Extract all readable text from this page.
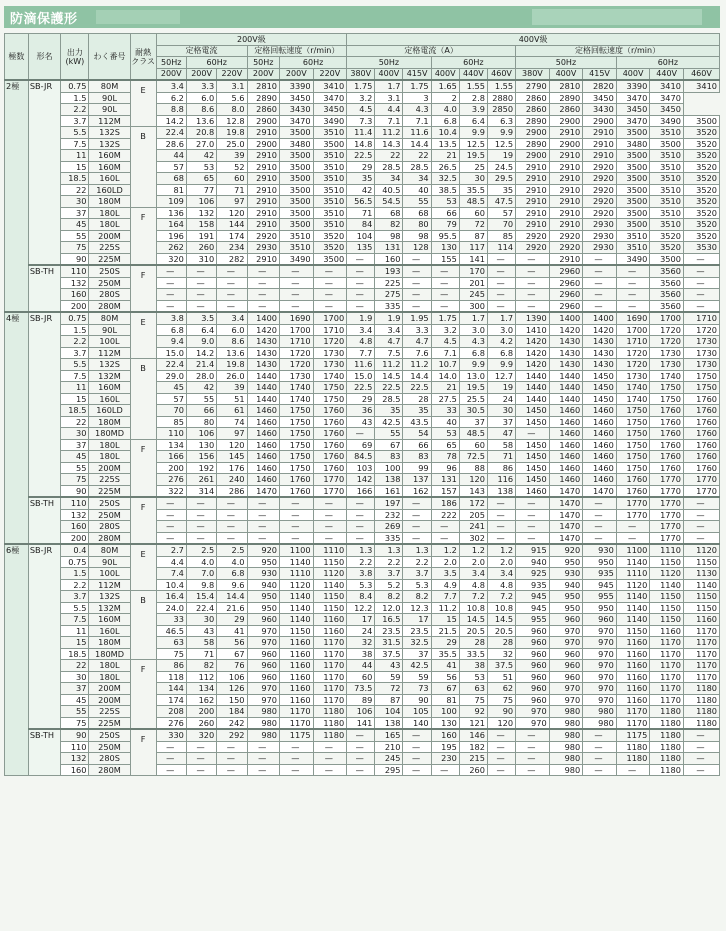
防滴保護形
極数	形名	出力 (kW)	わく番号	耐熱 クラス	200V級						400V級											
					定格電流			定格回転速度（r/min）			定格電流（A）						定格回転速度（r/min）					
					50Hz	60Hz		50Hz	60Hz		50Hz			60Hz			50Hz			60Hz		
					200V	200V	220V	200V	200V	220V	380V	400V	415V	400V	440V	460V	380V	400V	415V	400V	440V	460V
2極	SB-JR	0.75	80M	E	3.4	3.3	3.1	2810	3390	3410	1.75	1.7	1.75	1.65	1.55	1.55	2790	2810	2820	3390	3410	3410
		1.5	90L		6.2	6.0	5.6	2890	3450	3470	3.2	3.1	3	2	2.8	2880	2860	2890	3450	3470	3470	
		2.2	90L		8.8	8.6	8.0	2860	3430	3450	4.5	4.4	4.3	4.0	3.9	2850	2860	2860	3430	3450	3450	
		3.7	112M		14.2	13.6	12.8	2900	3470	3490	7.3	7.1	7.1	6.8	6.4	6.3	2890	2900	2900	3470	3490	3500
		5.5	132S	B	22.4	20.8	19.8	2910	3500	3510	11.4	11.2	11.6	10.4	9.9	9.9	2900	2910	2910	3500	3510	3520
		7.5	132S		28.6	27.0	25.0	2900	3480	3500	14.8	14.3	14.4	13.5	12.5	12.5	2890	2900	2910	3480	3500	3520
		11	160M		44	42	39	2910	3500	3510	22.5	22	22	21	19.5	19	2900	2910	2910	3500	3510	3520
		15	160M		57	53	52	2910	3500	3510	29	28.5	28.5	26.5	25	24.5	2910	2910	2920	3500	3510	3520
		18.5	160L		68	65	60	2910	3500	3510	35	34	34	32.5	30	29.5	2910	2910	2920	3500	3510	3520
		22	160LD		81	77	71	2910	3500	3510	42	40.5	40	38.5	35.5	35	2910	2910	2920	3500	3510	3520
		30	180M		109	106	97	2910	3500	3510	56.5	54.5	55	53	48.5	47.5	2910	2910	2920	3500	3510	3520
		37	180L	F	136	132	120	2910	3500	3510	71	68	68	66	60	57	2910	2910	2920	3500	3510	3520
		45	180L		164	158	144	2910	3500	3510	84	82	80	79	72	70	2910	2910	2930	3500	3510	3520
		55	200M		196	191	174	2920	3510	3520	104	98	98	95.5	87	85	2920	2920	2930	3510	3520	3520
		75	225S		262	260	234	2930	3510	3520	135	131	128	130	117	114	2920	2920	2930	3510	3520	3530
		90	225M		320	310	282	2910	3490	3500	—	160	—	155	141	—	—	2910	—	3490	3500	—
	SB-TH	110	250S	F	—	—	—	—	—	—	—	193	—	—	170	—	—	2960	—	—	3560	—
		132	250M		—	—	—	—	—	—	—	225	—	—	201	—	—	2960	—	—	3560	—
		160	280S		—	—	—	—	—	—	—	275	—	—	245	—	—	2960	—	—	3560	—
		200	280M		—	—	—	—	—	—	—	335	—	—	300	—	—	2960	—	—	3560	—
4極	SB-JR	0.75	80M	E	3.8	3.5	3.4	1400	1690	1700	1.9	1.9	1.95	1.75	1.7	1.7	1390	1400	1400	1690	1700	1710
		1.5	90L		6.8	6.4	6.0	1420	1700	1710	3.4	3.4	3.3	3.2	3.0	3.0	1410	1420	1420	1700	1720	1720
		2.2	100L		9.4	9.0	8.6	1430	1710	1720	4.8	4.7	4.7	4.5	4.3	4.2	1420	1430	1430	1710	1720	1730
		3.7	112M		15.0	14.2	13.6	1430	1720	1730	7.7	7.5	7.6	7.1	6.8	6.8	1420	1430	1430	1720	1730	1730
		5.5	132S	B	22.4	21.4	19.8	1430	1720	1730	11.6	11.2	11.2	10.7	9.9	9.9	1420	1430	1430	1720	1730	1730
		7.5	132M		29.0	28.0	26.0	1440	1730	1740	15.0	14.5	14.4	14.0	13.0	12.7	1440	1440	1450	1730	1740	1750
		11	160M		45	42	39	1440	1740	1750	22.5	22.5	22.5	21	19.5	19	1440	1440	1450	1740	1750	1750
		15	160L		57	55	51	1440	1740	1750	29	28.5	28	27.5	25.5	24	1440	1440	1450	1740	1750	1760
		18.5	160LD		70	66	61	1460	1750	1760	36	35	35	33	30.5	30	1450	1460	1460	1750	1760	1760
		22	180M		85	80	74	1460	1750	1760	43	42.5	43.5	40	37	37	1450	1460	1460	1750	1760	1760
		30	180MD		110	106	97	1460	1750	1760	—	55	54	53	48.5	47	—	1460	1460	1750	1760	1760
		37	180L	F	134	130	120	1460	1750	1760	69	67	66	65	60	58	1450	1460	1460	1750	1760	1760
		45	180L		166	156	145	1460	1750	1760	84.5	83	83	78	72.5	71	1450	1460	1460	1750	1760	1760
		55	200M		200	192	176	1460	1750	1760	103	100	99	96	88	86	1450	1460	1460	1750	1760	1760
		75	225S		276	261	240	1460	1760	1770	142	138	137	131	120	116	1450	1460	1460	1760	1770	1770
		90	225M		322	314	286	1470	1760	1770	166	161	162	157	143	138	1460	1470	1470	1760	1770	1770
	SB-TH	110	250S	F	—	—	—	—	—	—	—	197	—	186	172	—	—	1470	—	1770	1770	—
		132	250M		—	—	—	—	—	—	—	232	—	222	205	—	—	1470	—	1770	1770	—
		160	280S		—	—	—	—	—	—	—	269	—	—	241	—	—	1470	—	—	1770	—
		200	280M		—	—	—	—	—	—	—	335	—	—	302	—	—	1470	—	—	1770	—
6極	SB-JR	0.4	80M	E	2.7	2.5	2.5	920	1100	1110	1.3	1.3	1.3	1.2	1.2	1.2	915	920	930	1100	1110	1120
		0.75	90L		4.4	4.0	4.0	950	1140	1150	2.2	2.2	2.2	2.0	2.0	2.0	940	950	950	1140	1150	1150
		1.5	100L		7.4	7.0	6.8	930	1110	1120	3.8	3.7	3.7	3.5	3.4	3.4	925	930	935	1110	1120	1130
		2.2	112M		10.4	9.8	9.6	940	1120	1140	5.3	5.2	5.3	4.9	4.8	4.8	935	940	945	1120	1140	1140
		3.7	132S	B	16.4	15.4	14.4	950	1140	1150	8.4	8.2	8.2	7.7	7.2	7.2	945	950	955	1140	1150	1150
		5.5	132M		24.0	22.4	21.6	950	1140	1150	12.2	12.0	12.3	11.2	10.8	10.8	945	950	950	1140	1150	1150
		7.5	160M		33	30	29	960	1140	1160	17	16.5	17	15	14.5	14.5	955	960	960	1140	1150	1160
		11	160L		46.5	43	41	970	1150	1160	24	23.5	23.5	21.5	20.5	20.5	960	970	970	1150	1160	1170
		15	180M		63	58	56	970	1160	1170	32	31.5	32.5	29	28	28	960	970	970	1160	1170	1170
		18.5	180MD		75	71	67	960	1160	1170	38	37.5	37	35.5	33.5	32	960	960	970	1160	1170	1170
		22	180L	F	86	82	76	960	1160	1170	44	43	42.5	41	38	37.5	960	960	970	1160	1170	1170
		30	180L		118	112	106	960	1160	1170	60	59	59	56	53	51	960	960	970	1160	1170	1170
		37	200M		144	134	126	970	1160	1170	73.5	72	73	67	63	62	960	970	970	1160	1170	1180
		45	200M		174	162	150	970	1160	1170	89	87	90	81	75	75	960	970	970	1160	1170	1180
		55	225S		208	200	184	980	1170	1180	106	104	105	100	92	90	970	980	980	1170	1180	1180
		75	225M		276	260	242	980	1170	1180	141	138	140	130	121	120	970	980	980	1170	1180	1180
	SB-TH	90	250S	F	330	320	292	980	1175	1180	—	165	—	160	146	—	—	980	—	1175	1180	—
		110	250M		—	—	—	—	—	—	—	210	—	195	182	—	—	980	—	1180	1180	—
		132	280S		—	—	—	—	—	—	—	245	—	230	215	—	—	980	—	1180	1180	—
		160	280M		—	—	—	—	—	—	—	295	—	—	260	—	—	980	—	—	1180	—
